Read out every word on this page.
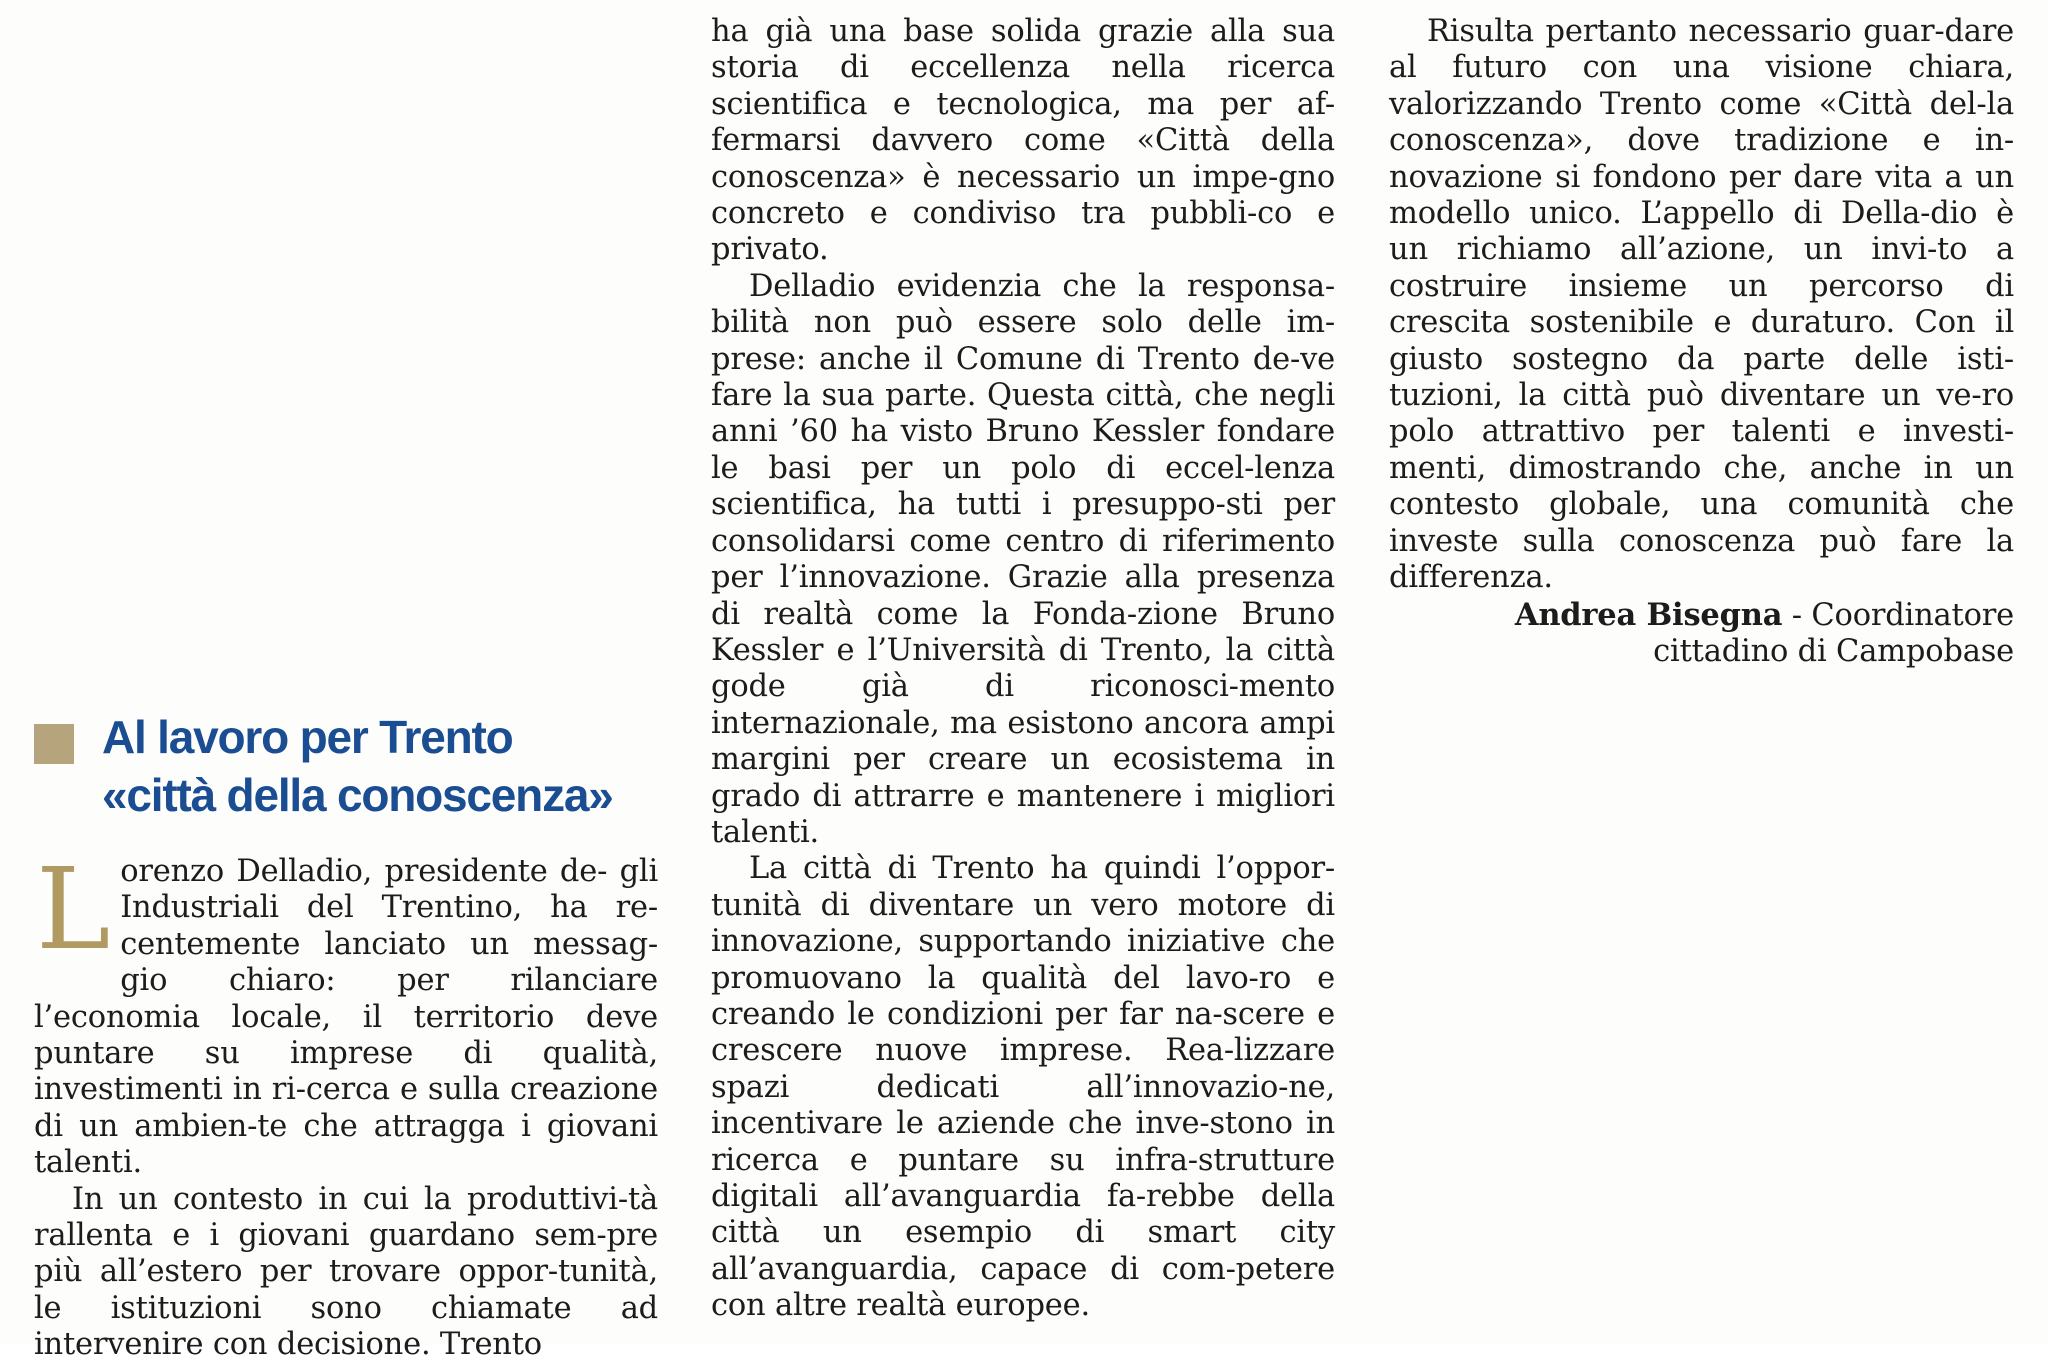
Al lavoro per Trento
«città della conoscenza»

Lorenzo Delladio, presidente de- gli Industriali del Trentino, ha re- centemente lanciato un messag- gio chiaro: per rilanciare l’economia locale, il territorio deve puntare su imprese di qualità, investimenti in ri-cerca e sulla creazione di un ambien-te che attragga i giovani talenti.

In un contesto in cui la produttivi-tà rallenta e i giovani guardano sem-pre più all’estero per trovare oppor-tunità, le istituzioni sono chiamate ad intervenire con decisione. Trento

ha già una base solida grazie alla sua storia di eccellenza nella ricerca scientifica e tecnologica, ma per af-fermarsi davvero come «Città della conoscenza» è necessario un impe-gno concreto e condiviso tra pubbli-co e privato.

Delladio evidenzia che la responsa-bilità non può essere solo delle im-prese: anche il Comune di Trento de-ve fare la sua parte. Questa città, che negli anni ’60 ha visto Bruno Kessler fondare le basi per un polo di eccel-lenza scientifica, ha tutti i presuppo-sti per consolidarsi come centro di riferimento per l’innovazione. Grazie alla presenza di realtà come la Fonda-zione Bruno Kessler e l’Università di Trento, la città gode già di riconosci-mento internazionale, ma esistono ancora ampi margini per creare un ecosistema in grado di attrarre e mantenere i migliori talenti.

La città di Trento ha quindi l’oppor-tunità di diventare un vero motore di innovazione, supportando iniziative che promuovano la qualità del lavo-ro e creando le condizioni per far na-scere e crescere nuove imprese. Rea-lizzare spazi dedicati all’innovazio-ne, incentivare le aziende che inve-stono in ricerca e puntare su infra-strutture digitali all’avanguardia fa-rebbe della città un esempio di smart city all’avanguardia, capace di com-petere con altre realtà europee.

Risulta pertanto necessario guar-dare al futuro con una visione chiara, valorizzando Trento come «Città del-la conoscenza», dove tradizione e in-novazione si fondono per dare vita a un modello unico. L’appello di Della-dio è un richiamo all’azione, un invi-to a costruire insieme un percorso di crescita sostenibile e duraturo. Con il giusto sostegno da parte delle isti-tuzioni, la città può diventare un ve-ro polo attrattivo per talenti e investi-menti, dimostrando che, anche in un contesto globale, una comunità che investe sulla conoscenza può fare la differenza.

Andrea Bisegna - Coordinatore
cittadino di Campobase
